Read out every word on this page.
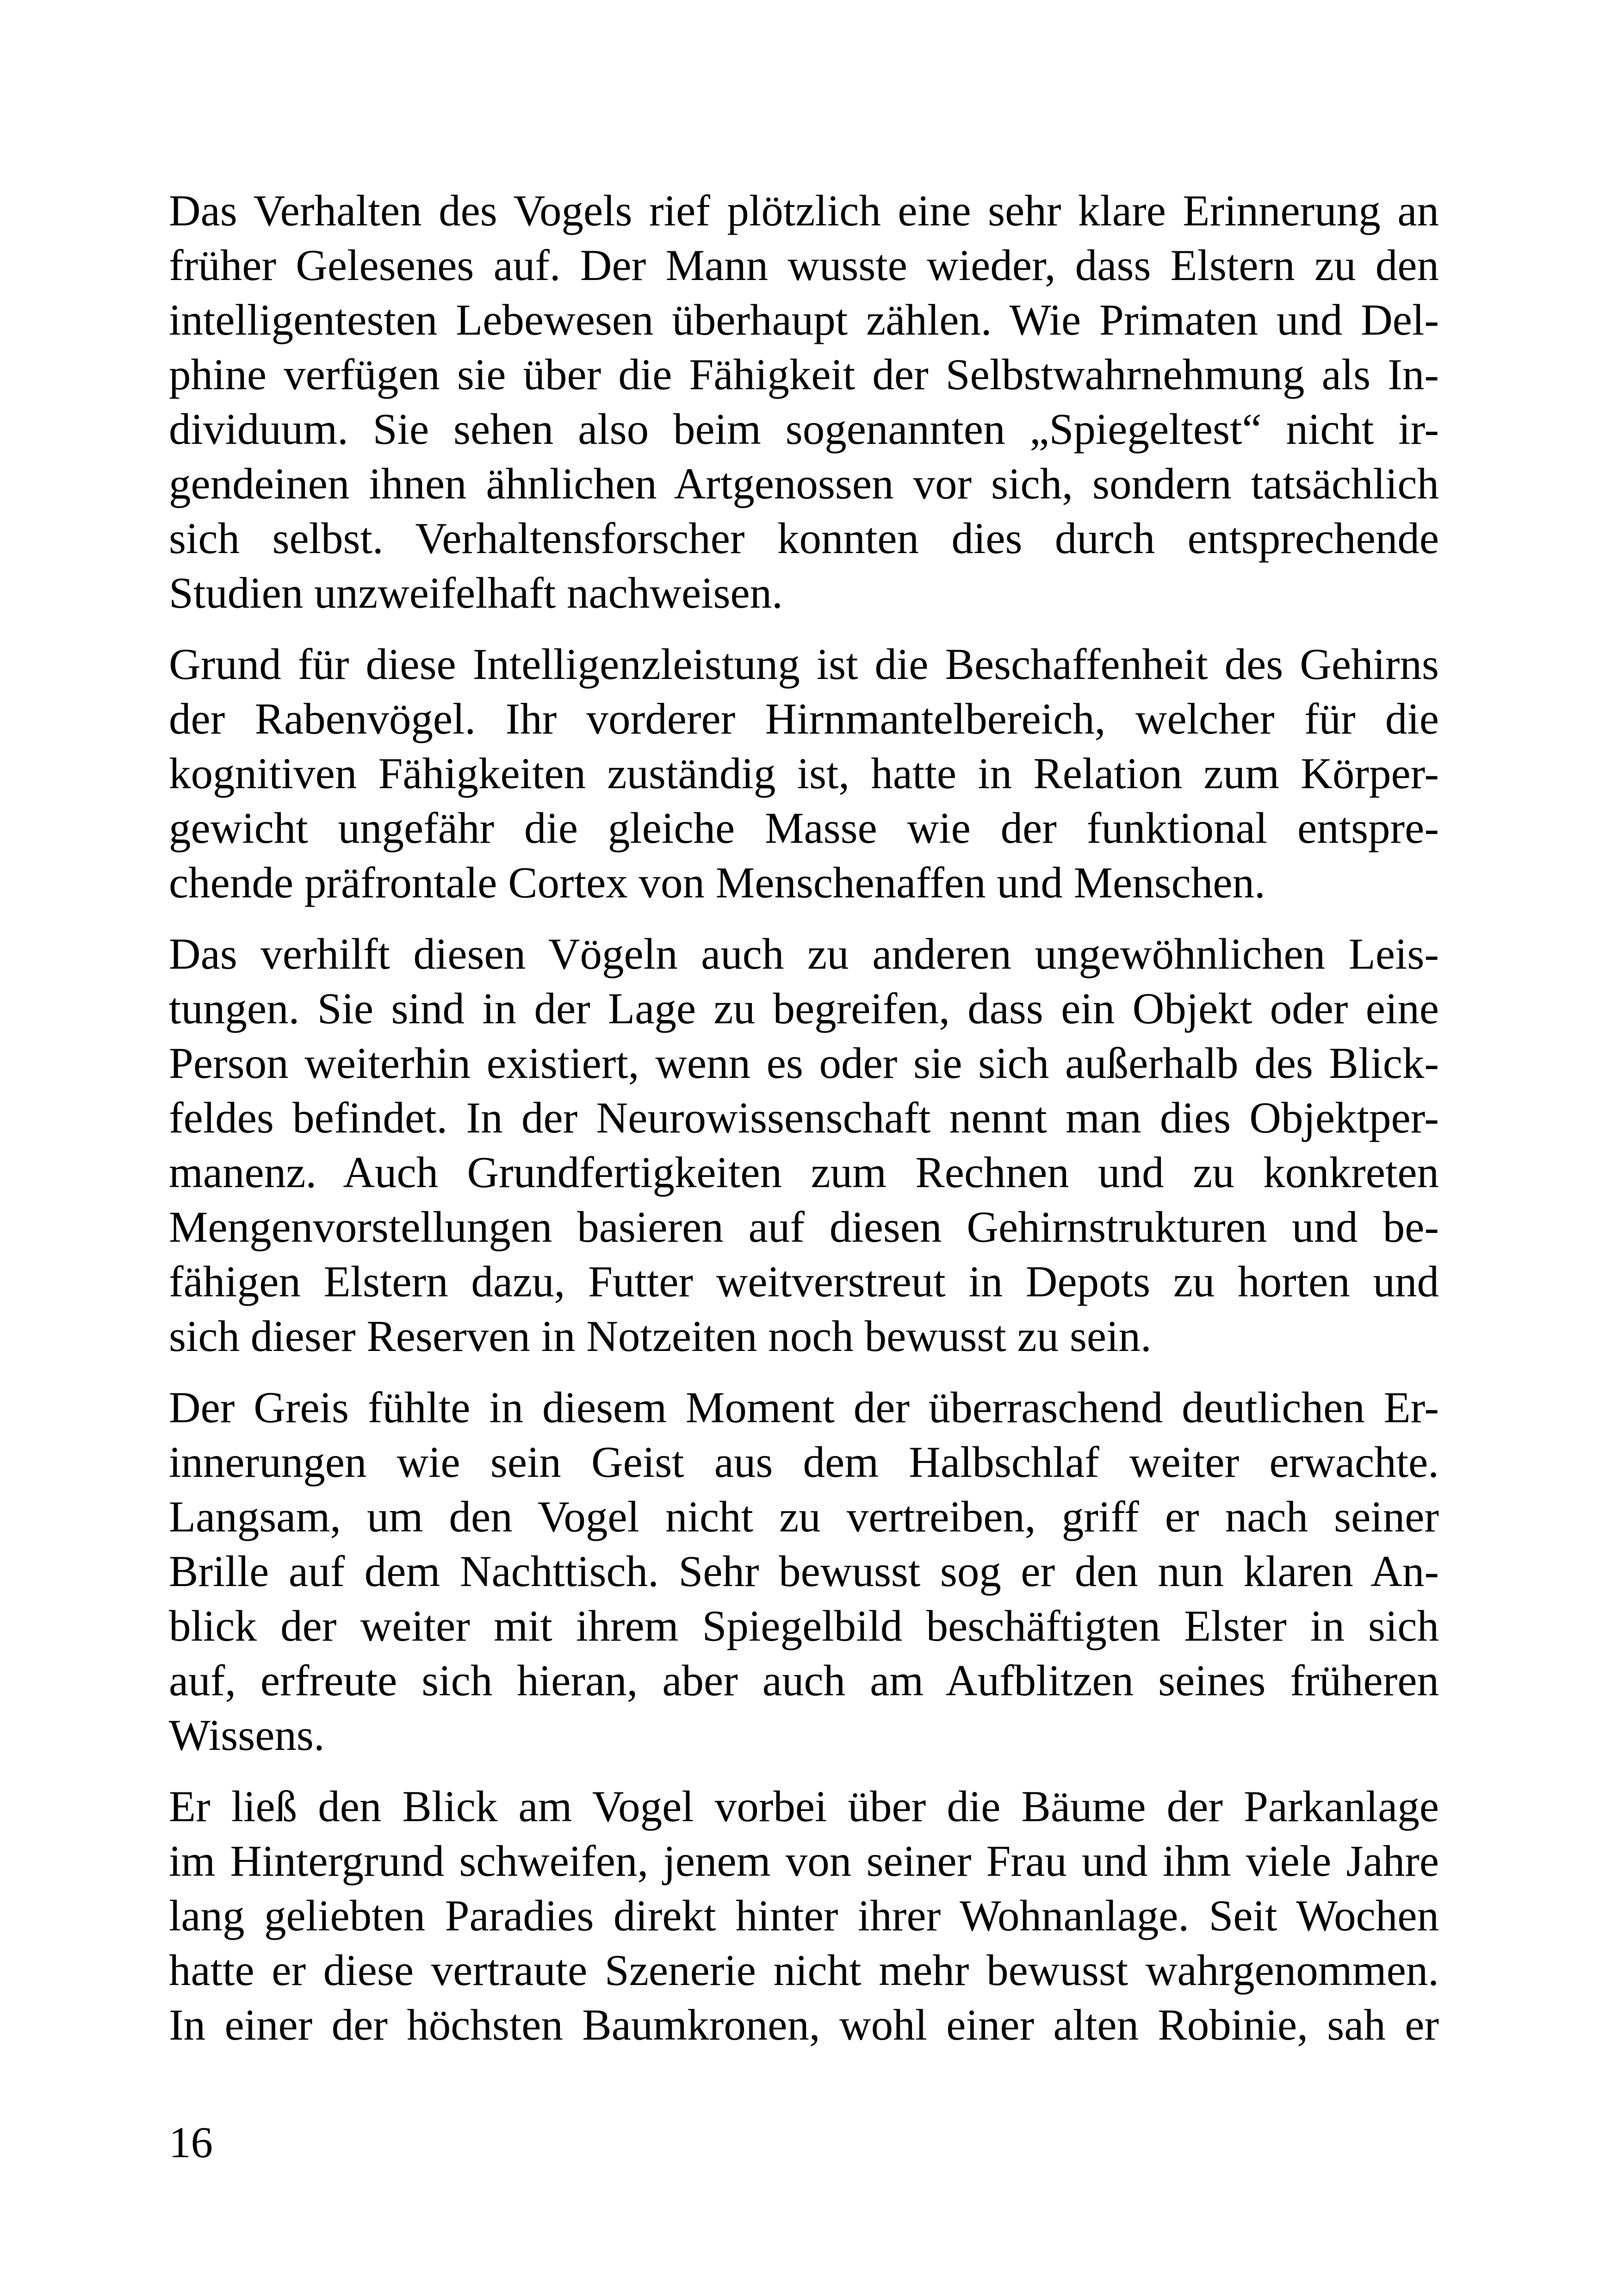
Das Verhalten des Vogels rief plötzlich eine sehr klare Erinnerung an
früher Gelesenes auf. Der Mann wusste wieder, dass Elstern zu den
intelligentesten Lebewesen überhaupt zählen. Wie Primaten und Del-
phine verfügen sie über die Fähigkeit der Selbstwahrnehmung als In-
dividuum. Sie sehen also beim sogenannten „Spiegeltest“ nicht ir-
gendeinen ihnen ähnlichen Artgenossen vor sich, sondern tatsächlich
sich selbst. Verhaltensforscher konnten dies durch entsprechende
Studien unzweifelhaft nachweisen.
Grund für diese Intelligenzleistung ist die Beschaffenheit des Gehirns
der Rabenvögel. Ihr vorderer Hirnmantelbereich, welcher für die
kognitiven Fähigkeiten zuständig ist, hatte in Relation zum Körper-
gewicht ungefähr die gleiche Masse wie der funktional entspre-
chende präfrontale Cortex von Menschenaffen und Menschen.
Das verhilft diesen Vögeln auch zu anderen ungewöhnlichen Leis-
tungen. Sie sind in der Lage zu begreifen, dass ein Objekt oder eine
Person weiterhin existiert, wenn es oder sie sich außerhalb des Blick-
feldes befindet. In der Neurowissenschaft nennt man dies Objektper-
manenz. Auch Grundfertigkeiten zum Rechnen und zu konkreten
Mengenvorstellungen basieren auf diesen Gehirnstrukturen und be-
fähigen Elstern dazu, Futter weitverstreut in Depots zu horten und
sich dieser Reserven in Notzeiten noch bewusst zu sein.
Der Greis fühlte in diesem Moment der überraschend deutlichen Er-
innerungen wie sein Geist aus dem Halbschlaf weiter erwachte.
Langsam, um den Vogel nicht zu vertreiben, griff er nach seiner
Brille auf dem Nachttisch. Sehr bewusst sog er den nun klaren An-
blick der weiter mit ihrem Spiegelbild beschäftigten Elster in sich
auf, erfreute sich hieran, aber auch am Aufblitzen seines früheren
Wissens.
Er ließ den Blick am Vogel vorbei über die Bäume der Parkanlage
im Hintergrund schweifen, jenem von seiner Frau und ihm viele Jahre
lang geliebten Paradies direkt hinter ihrer Wohnanlage. Seit Wochen
hatte er diese vertraute Szenerie nicht mehr bewusst wahrgenommen.
In einer der höchsten Baumkronen, wohl einer alten Robinie, sah er
16
